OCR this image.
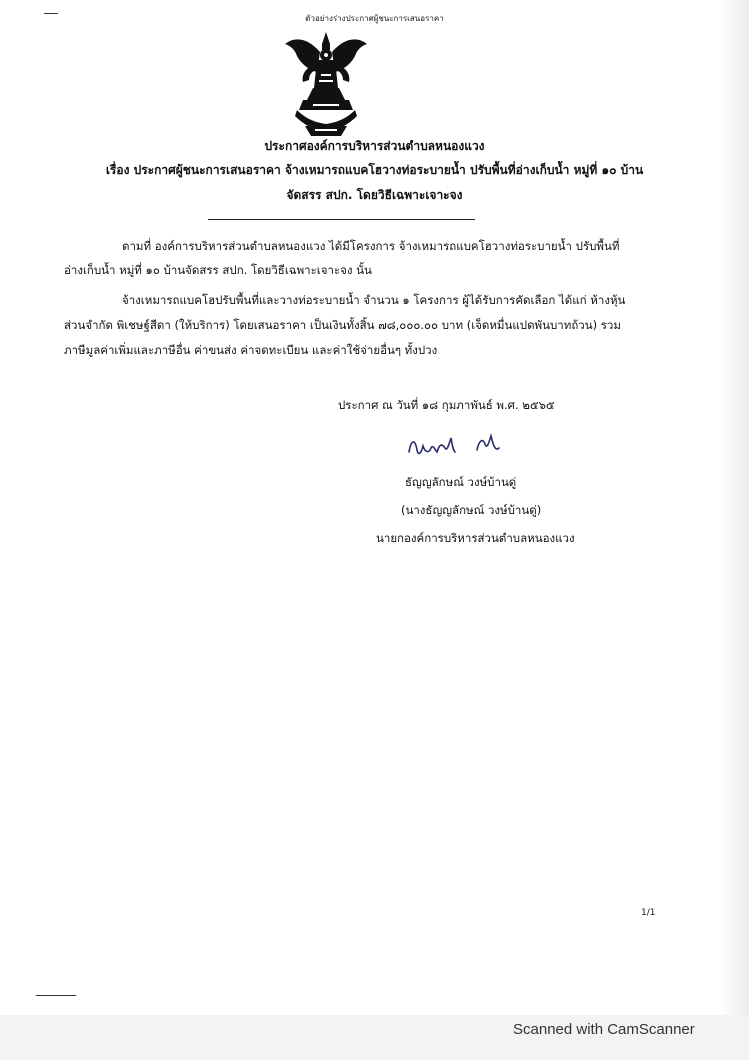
ตัวอย่างร่างประกาศผู้ชนะการเสนอราคา
ประกาศองค์การบริหารส่วนตำบลหนองแวง
เรื่อง ประกาศผู้ชนะการเสนอราคา จ้างเหมารถแบคโฮวางท่อระบายน้ำ ปรับพื้นที่อ่างเก็บน้ำ หมู่ที่ ๑๐ บ้าน
จัดสรร สปก. โดยวิธีเฉพาะเจาะจง
ตามที่ องค์การบริหารส่วนตำบลหนองแวง ได้มีโครงการ จ้างเหมารถแบคโฮวางท่อระบายน้ำ ปรับพื้นที่
อ่างเก็บน้ำ หมู่ที่ ๑๐ บ้านจัดสรร สปก. โดยวิธีเฉพาะเจาะจง นั้น
จ้างเหมารถแบคโฮปรับพื้นที่และวางท่อระบายน้ำ จำนวน ๑ โครงการ ผู้ได้รับการคัดเลือก ได้แก่ ห้างหุ้น
ส่วนจำกัด พิเชษฐ์สีดา (ให้บริการ) โดยเสนอราคา เป็นเงินทั้งสิ้น ๗๘,๐๐๐.๐๐ บาท (เจ็ดหมื่นแปดพันบาทถ้วน) รวม
ภาษีมูลค่าเพิ่มและภาษีอื่น ค่าขนส่ง ค่าจดทะเบียน และค่าใช้จ่ายอื่นๆ ทั้งปวง
ประกาศ ณ วันที่ ๑๘ กุมภาพันธ์ พ.ศ. ๒๕๖๕
ธัญญลักษณ์ วงษ์บ้านดู่
(นางธัญญลักษณ์ วงษ์บ้านดู่)
นายกองค์การบริหารส่วนตำบลหนองแวง
1/1
Scanned with CamScanner
